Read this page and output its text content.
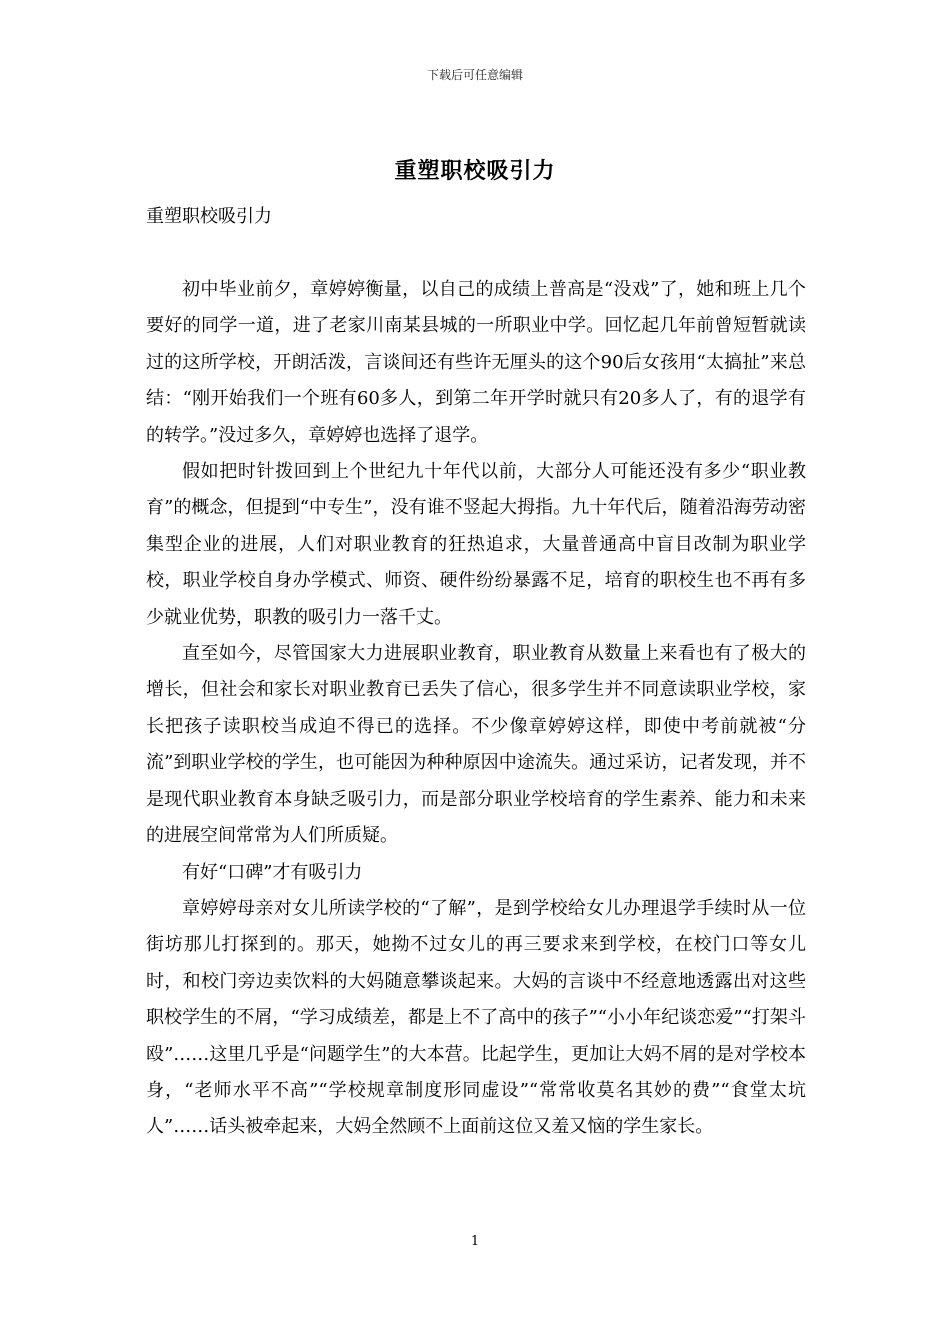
下载后可任意编辑
重塑职校吸引力
重塑职校吸引力

初中毕业前夕，章婷婷衡量，以自己的成绩上普高是“没戏”了，她和班上几个要好的同学一道，进了老家川南某县城的一所职业中学。回忆起几年前曾短暂就读过的这所学校，开朗活泼，言谈间还有些许无厘头的这个90后女孩用“太搞扯”来总结：“刚开始我们一个班有60多人，到第二年开学时就只有20多人了，有的退学有的转学。”没过多久，章婷婷也选择了退学。

假如把时针拨回到上个世纪九十年代以前，大部分人可能还没有多少“职业教育”的概念，但提到“中专生”，没有谁不竖起大拇指。九十年代后，随着沿海劳动密集型企业的进展，人们对职业教育的狂热追求，大量普通高中盲目改制为职业学校，职业学校自身办学模式、师资、硬件纷纷暴露不足，培育的职校生也不再有多少就业优势，职教的吸引力一落千丈。

直至如今，尽管国家大力进展职业教育，职业教育从数量上来看也有了极大的增长，但社会和家长对职业教育已丢失了信心，很多学生并不同意读职业学校，家长把孩子读职校当成迫不得已的选择。不少像章婷婷这样，即使中考前就被“分流”到职业学校的学生，也可能因为种种原因中途流失。通过采访，记者发现，并不是现代职业教育本身缺乏吸引力，而是部分职业学校培育的学生素养、能力和未来的进展空间常常为人们所质疑。

有好“口碑”才有吸引力

章婷婷母亲对女儿所读学校的“了解”，是到学校给女儿办理退学手续时从一位街坊那儿打探到的。那天，她拗不过女儿的再三要求来到学校，在校门口等女儿时，和校门旁边卖饮料的大妈随意攀谈起来。大妈的言谈中不经意地透露出对这些职校学生的不屑，“学习成绩差，都是上不了高中的孩子”“小小年纪谈恋爱”“打架斗殴”……这里几乎是“问题学生”的大本营。比起学生，更加让大妈不屑的是对学校本身，“老师水平不高”“学校规章制度形同虚设”“常常收莫名其妙的费”“食堂太坑人”……话头被牵起来，大妈全然顾不上面前这位又羞又恼的学生家长。

1
